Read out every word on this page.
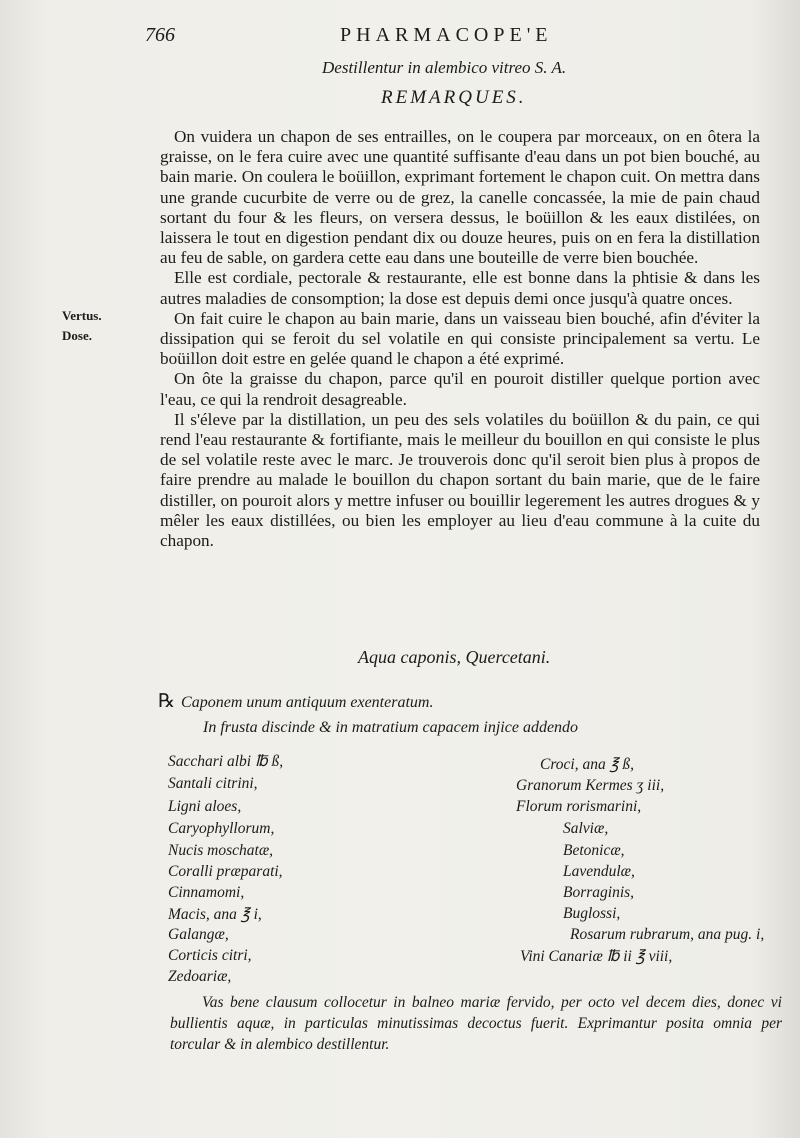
766	PHARMACOPE'E
Destillentur in alembico vitreo S. A.
REMARQUES.
Vertus.
Dose.

On vuidera un chapon de ses entrailles, on le coupera par morceaux, on en ôtera la graisse, on le fera cuire avec une quantité suffisante d'eau dans un pot bien bouché, au bain marie. On coulera le boüillon, exprimant fortement le chapon cuit. On mettra dans une grande cucurbite de verre ou de grez, la canelle concassée, la mie de pain chaud sortant du four & les fleurs, on versera dessus, le boüillon & les eaux distilées, on laissera le tout en digestion pendant dix ou douze heures, puis on en fera la distillation au feu de sable, on gardera cette eau dans une bouteille de verre bien bouchée.

Elle est cordiale, pectorale & restaurante, elle est bonne dans la phtisie & dans les autres maladies de consomption; la dose est depuis demi once jusqu'à quatre onces.

On fait cuire le chapon au bain marie, dans un vaisseau bien bouché, afin d'éviter la dissipation qui se feroit du sel volatile en qui consiste principalement sa vertu. Le boüillon doit estre en gelée quand le chapon a été exprimé.

On ôte la graisse du chapon, parce qu'il en pouroit distiller quelque portion avec l'eau, ce qui la rendroit desagreable.

Il s'éleve par la distillation, un peu des sels volatiles du boüillon & du pain, ce qui rend l'eau restaurante & fortifiante, mais le meilleur du bouillon en qui consiste le plus de sel volatile reste avec le marc. Je trouverois donc qu'il seroit bien plus à propos de faire prendre au malade le bouillon du chapon sortant du bain marie, que de le faire distiller, on pouroit alors y mettre infuser ou bouillir legerement les autres drogues & y mêler les eaux distillées, ou bien les employer au lieu d'eau commune à la cuite du chapon.

Aqua caponis, Quercetani.
℞ Caponem unum antiquum exenteratum.
In frusta discinde & in matratium capacem injice addendo
Sacchari albi ℔ ß,
Santali citrini,
Ligni aloes,
Caryophyllorum,
Nucis moschatæ,
Coralli præparati,
Cinnamomi,
Macis, ana ℥ i,
Galangæ,
Corticis citri,
Zedoariæ,
Croci, ana ℥ ß,
Granorum Kermes ʒ iii,
Florum rorismarini,
Salviæ,
Betonicæ,
Lavendulæ,
Borraginis,
Buglossi,
Rosarum rubrarum, ana pug. i,
Vini Canariæ ℔ ii ℥ viii,
Vas bene clausum collocetur in balneo mariæ fervido, per octo vel decem dies, donec vi bullientis aquæ, in particulas minutissimas decoctus fuerit. Exprimantur posita omnia per torcular & in alembico destillentur.
